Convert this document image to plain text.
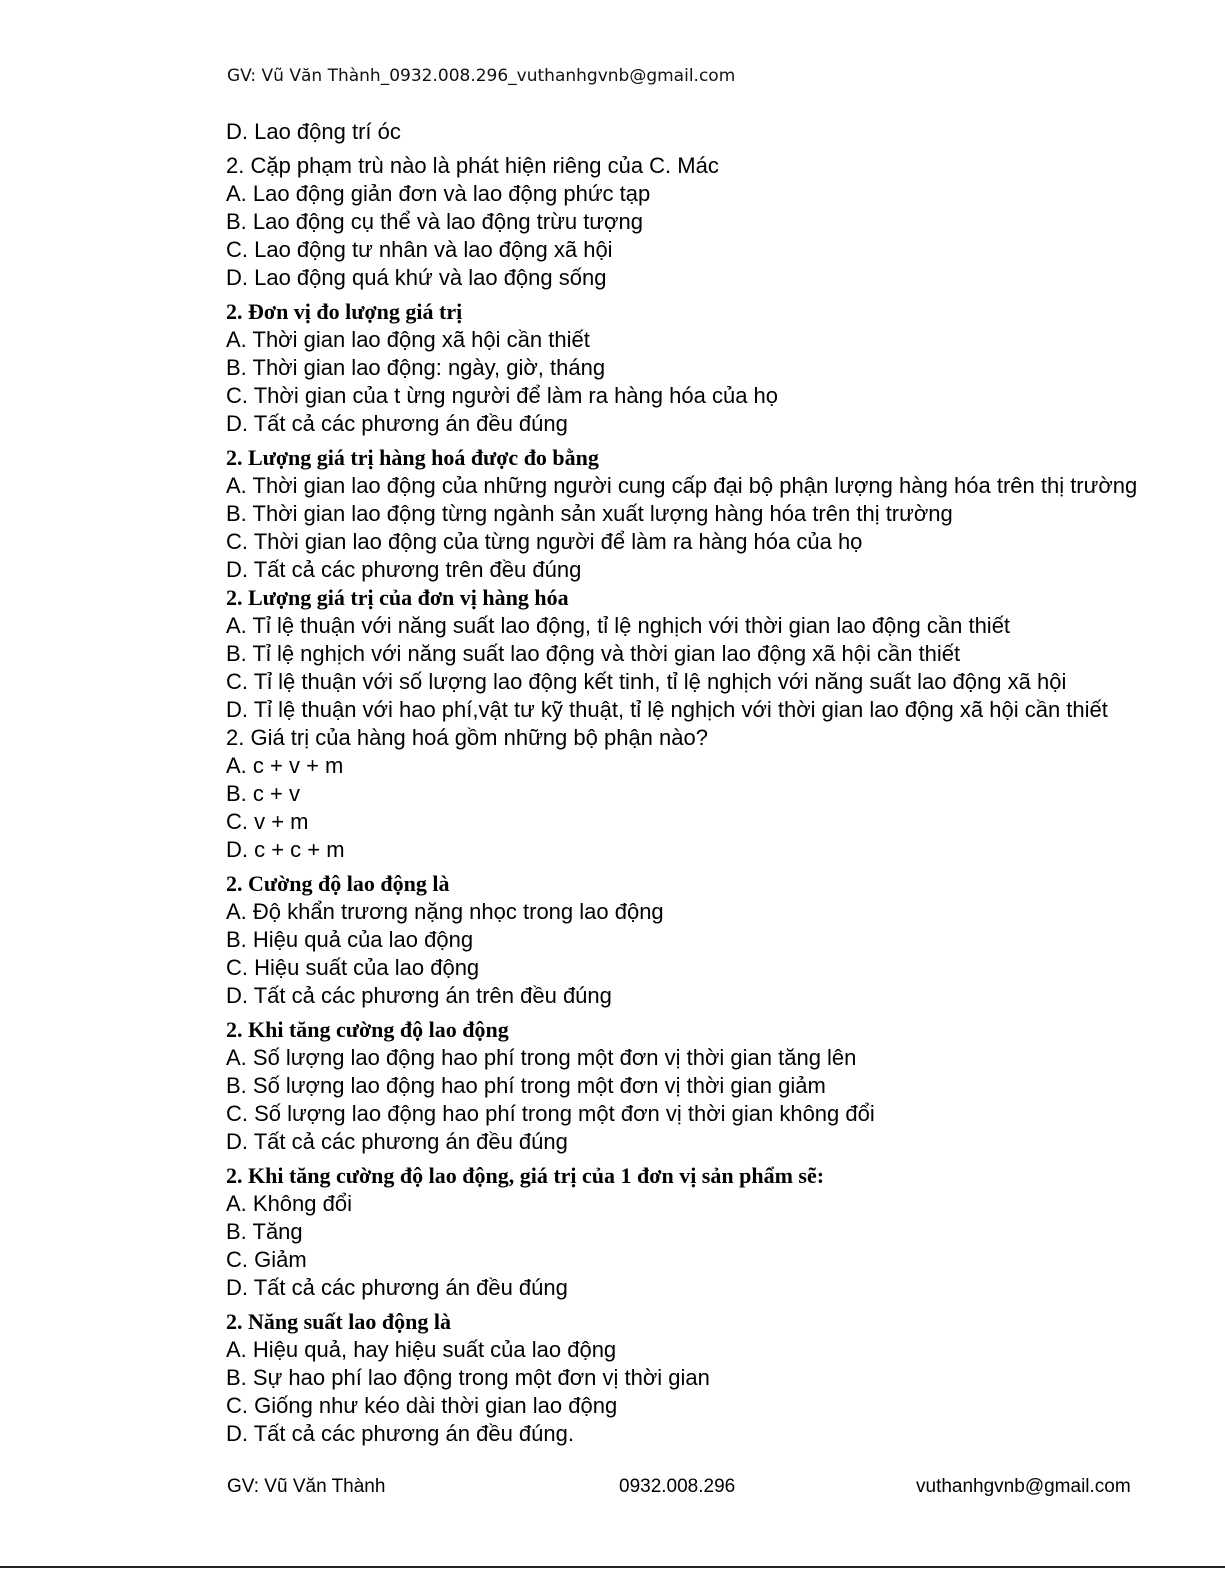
GV: Vũ Văn Thành_0932.008.296_vuthanhgvnb@gmail.com
D. Lao động trí óc
2. Cặp phạm trù nào là phát hiện riêng của C. Mác
A. Lao động giản đơn và lao động phức tạp
B. Lao động cụ thể và lao động trừu tượng
C. Lao động tư nhân và lao động xã hội
D. Lao động quá khứ và lao động sống
2. Đơn vị đo lượng giá trị
A. Thời gian lao động xã hội cần thiết
B. Thời gian lao động: ngày, giờ, tháng
C. Thời gian của t ừng người để làm ra hàng hóa của họ
D. Tất cả các phương án đều đúng
2. Lượng giá trị hàng hoá được đo bằng
A. Thời gian lao động của những người cung cấp đại bộ phận lượng hàng hóa trên thị trường
B. Thời gian lao động từng ngành sản xuất lượng hàng hóa trên thị trường
C. Thời gian lao động của từng người để làm ra hàng hóa của họ
D. Tất cả các phương trên đều đúng
2. Lượng giá trị của đơn vị hàng hóa
A. Tỉ lệ thuận với năng suất lao động, tỉ lệ nghịch với thời gian lao động cần thiết
B. Tỉ lệ nghịch với năng suất lao động và thời gian lao động xã hội cần thiết
C. Tỉ lệ thuận với số lượng lao động kết tinh, tỉ lệ nghịch với năng suất lao động xã hội
D. Tỉ lệ thuận với hao phí,vật tư kỹ thuật, tỉ lệ nghịch với thời gian lao động xã hội cần thiết
2. Giá trị của hàng hoá gồm những bộ phận nào?
A. c + v + m
B. c + v
C. v + m
D. c + c + m
2. Cường độ lao động là
A. Độ khẩn trương nặng nhọc trong lao động
B. Hiệu quả của lao động
C. Hiệu suất của lao động
D. Tất cả các phương án trên đều đúng
2. Khi tăng cường độ lao động
A. Số lượng lao động hao phí trong một đơn vị thời gian tăng lên
B. Số lượng lao động hao phí trong một đơn vị thời gian giảm
C. Số lượng lao động hao phí trong một đơn vị thời gian không đổi
D. Tất cả các phương án đều đúng
2. Khi tăng cường độ lao động, giá trị của 1 đơn vị sản phẩm sẽ:
A. Không đổi
B. Tăng
C. Giảm
D. Tất cả các phương án đều đúng
2. Năng suất lao động là
A. Hiệu quả, hay hiệu suất của lao động
B. Sự hao phí lao động trong một đơn vị thời gian
C. Giống như kéo dài thời gian lao động
D. Tất cả các phương án đều đúng.
GV: Vũ Văn Thành	0932.008.296	vuthanhgvnb@gmail.com
